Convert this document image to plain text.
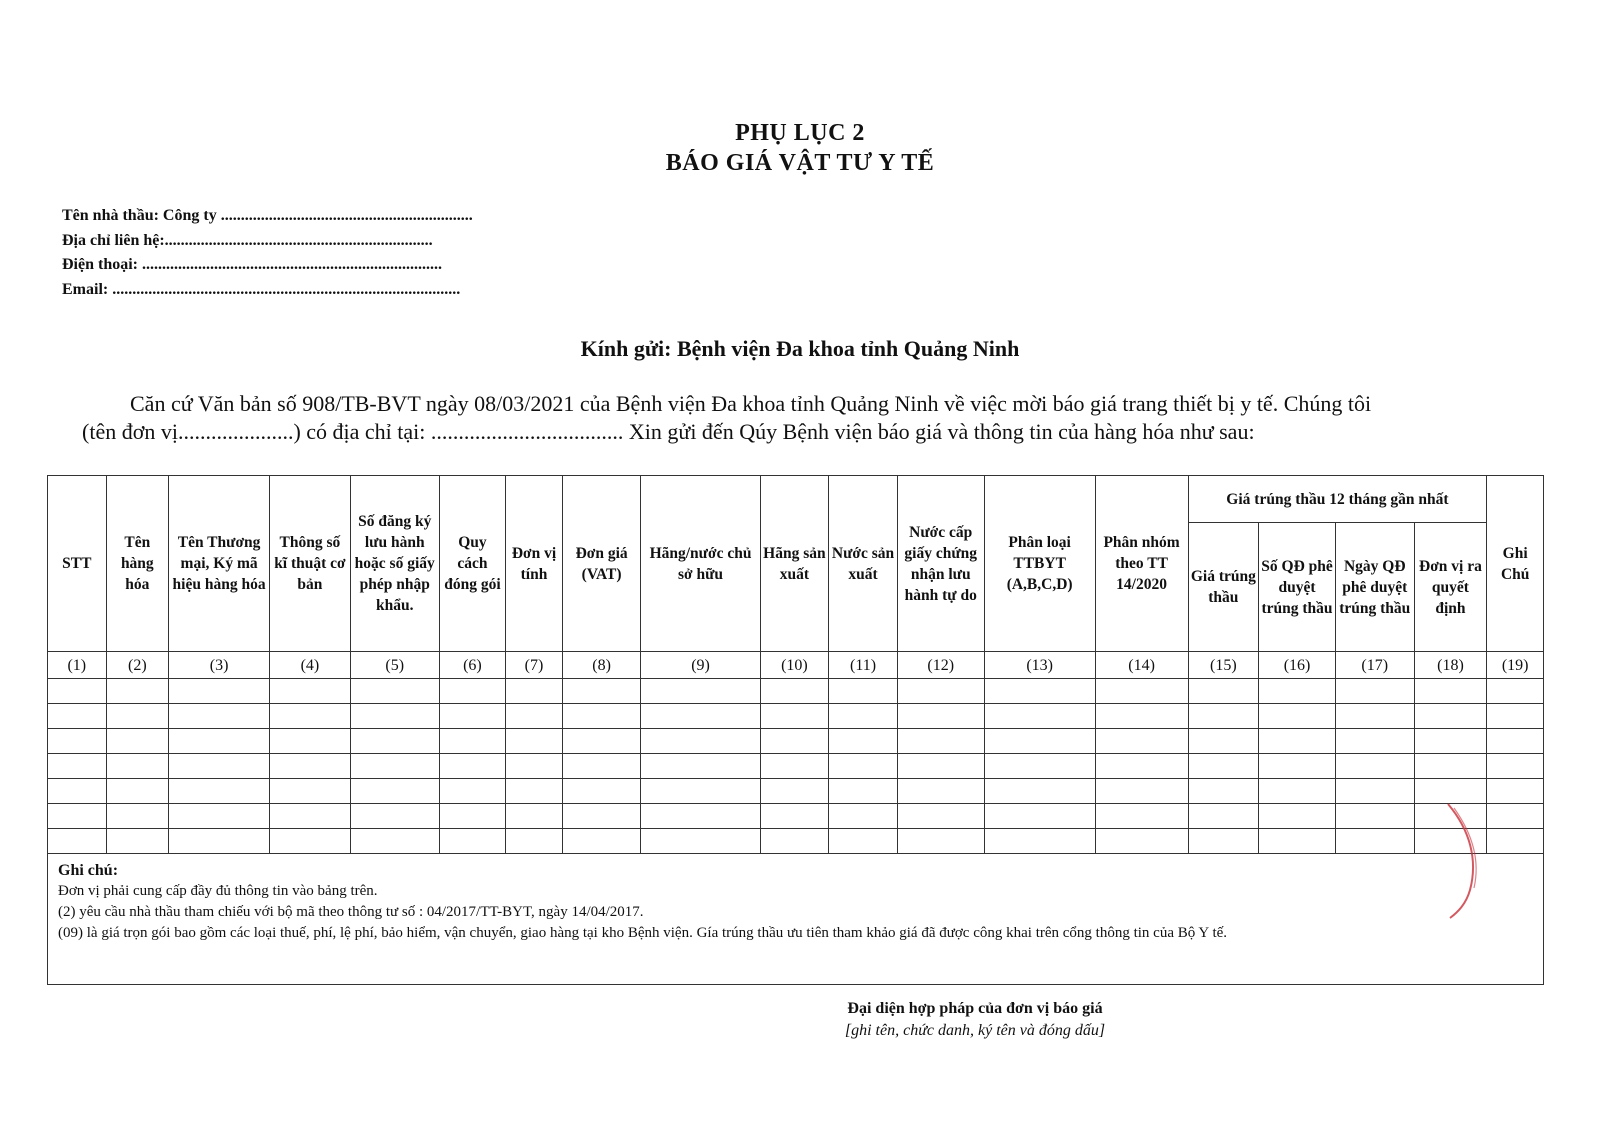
PHỤ LỤC 2
BÁO GIÁ VẬT TƯ Y TẾ
Tên nhà thầu: Công ty ...............................................................
Địa chỉ liên hệ:...................................................................
Điện thoại: ...........................................................................
Email: .......................................................................................
Kính gửi: Bệnh viện Đa khoa tỉnh Quảng Ninh
Căn cứ Văn bản số 908/TB-BVT ngày 08/03/2021 của Bệnh viện Đa khoa tỉnh Quảng Ninh về việc mời báo giá trang thiết bị y tế. Chúng tôi
(tên đơn vị.....................) có địa chỉ tại: ................................... Xin gửi đến Qúy Bệnh viện báo giá và thông tin của hàng hóa như sau:
STT	Tên hàng hóa	Tên Thương mại, Ký mã hiệu hàng hóa	Thông số kĩ thuật cơ bản	Số đăng ký lưu hành hoặc số giấy phép nhập khẩu.	Quy cách đóng gói	Đơn vị tính	Đơn giá (VAT)	Hãng/nước chủ sở hữu	Hãng sản xuất	Nước sản xuất	Nước cấp giấy chứng nhận lưu hành tự do	Phân loại TTBYT (A,B,C,D)	Phân nhóm theo TT 14/2020	Giá trúng thầu 12 tháng gần nhất				Ghi Chú
														Giá trúng thầu	Số QĐ phê duyệt trúng thầu	Ngày QĐ phê duyệt trúng thầu	Đơn vị ra quyết định	
(1)	(2)	(3)	(4)	(5)	(6)	(7)	(8)	(9)	(10)	(11)	(12)	(13)	(14)	(15)	(16)	(17)	(18)	(19)

Ghi chú:
Đơn vị phải cung cấp đầy đủ thông tin vào bảng trên.
(2) yêu cầu nhà thầu tham chiếu với bộ mã theo thông tư số : 04/2017/TT-BYT, ngày 14/04/2017.
(09) là giá trọn gói bao gồm các loại thuế, phí, lệ phí, bảo hiểm, vận chuyển, giao hàng tại kho Bệnh viện. Gía trúng thầu ưu tiên tham khảo giá đã được công khai trên cổng thông tin của Bộ Y tế.																		
Đại diện hợp pháp của đơn vị báo giá
[ghi tên, chức danh, ký tên và đóng dấu]
